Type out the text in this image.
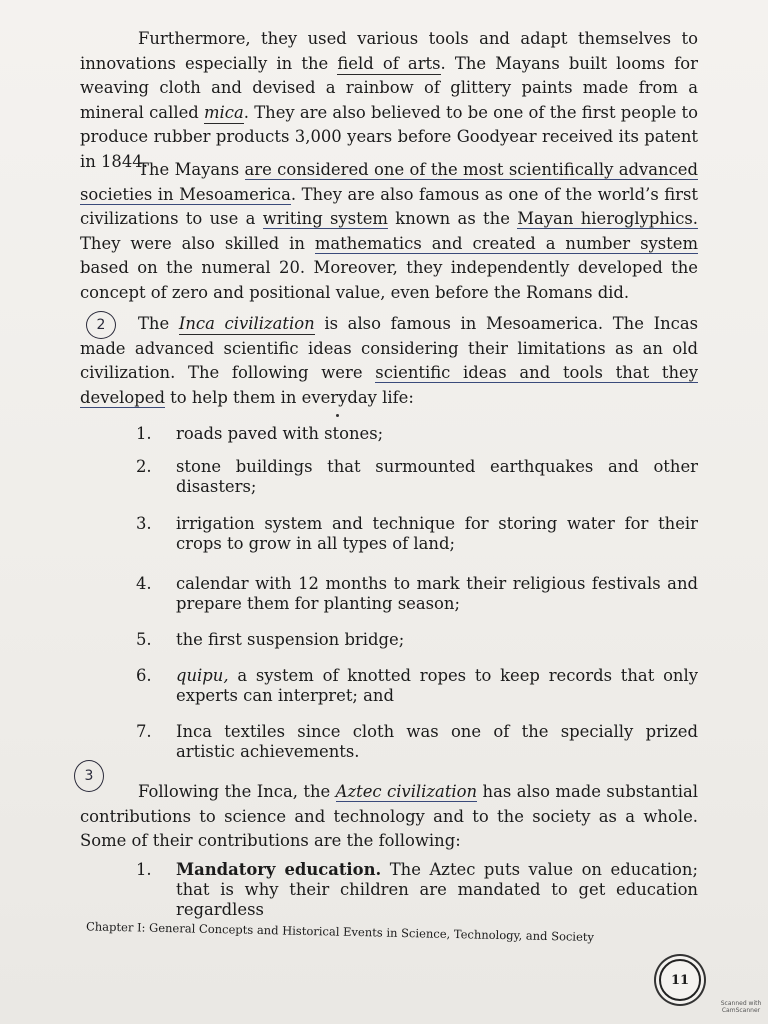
Furthermore, they used various tools and adapt themselves to innovations especially in the field of arts. The Mayans built looms for weaving cloth and devised a rainbow of glittery paints made from a mineral called mica. They are also believed to be one of the first people to produce rubber products 3,000 years before Goodyear received its patent in 1844.

The Mayans are considered one of the most scientifically advanced societies in Mesoamerica. They are also famous as one of the world’s first civilizations to use a writing system known as the Mayan hieroglyphics. They were also skilled in mathematics and created a number system based on the numeral 20. Moreover, they independently developed the concept of zero and positional value, even before the Romans did.

2	The Inca civilization is also famous in Mesoamerica. The Incas made advanced scientific ideas considering their limitations as an old civilization. The following were scientific ideas and tools that they developed to help them in everyday life:

1.	roads paved with stones;
2.	stone buildings that surmounted earthquakes and other disasters;
3.	irrigation system and technique for storing water for their crops to grow in all types of land;
4.	calendar with 12 months to mark their religious festivals and prepare them for planting season;
5.	the first suspension bridge;
6.	quipu, a system of knotted ropes to keep records that only experts can interpret; and
7.	Inca textiles since cloth was one of the specially prized artistic achievements.
3

Following the Inca, the Aztec civilization has also made substantial contributions to science and technology and to the society as a whole. Some of their contributions are the following:

1.	Mandatory education. The Aztec puts value on education; that is why their children are mandated to get education regardless
Chapter I: General Concepts and Historical Events in Science, Technology, and Society
11
Scanned with CamScanner
